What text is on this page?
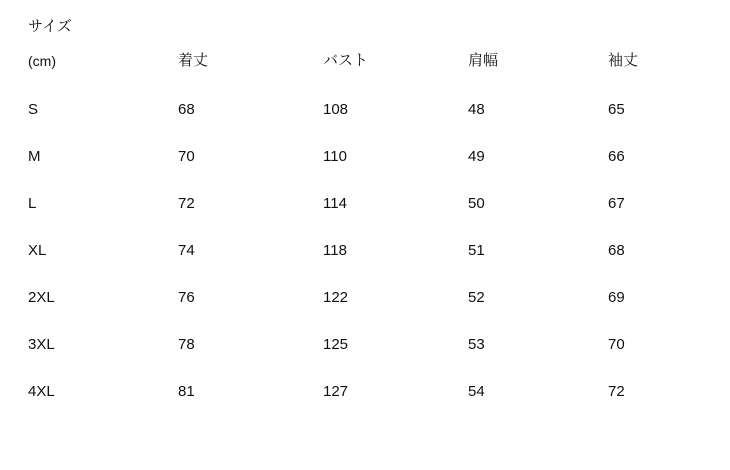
サイズ
(cm)	着丈	バスト	肩幅	袖丈

S	68	108	48	65
M	70	110	49	66
L	72	114	50	67
XL	74	118	51	68
2XL	76	122	52	69
3XL	78	125	53	70
4XL	81	127	54	72
